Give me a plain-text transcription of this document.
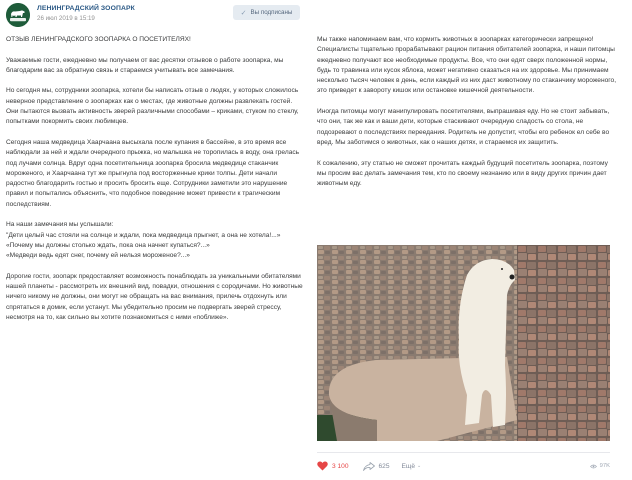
ЛЕНИНГРАДСКИЙ ЗООПАРК
26 июл 2019 в 15:19
✓ Вы подписаны

ОТЗЫВ ЛЕНИНГРАДСКОГО ЗООПАРКА О ПОСЕТИТЕЛЯХ!

Уважаемые гости, ежедневно мы получаем от вас десятки отзывов о работе зоопарка, мы благодарим вас за обратную связь и стараемся учитывать все замечания.

Но сегодня мы, сотрудники зоопарка, хотели бы написать отзыв о людях, у которых сложилось неверное представление о зоопарках как о местах, где животные должны развлекать гостей. Они пытаются вызвать активность зверей различными способами – криками, стуком по стеклу, попытками покормить своих любимцев.

Сегодня наша медведица Хаарчаана высыхала после купания в бассейне, в это время все наблюдали за ней и ждали очередного прыжка, но малышка не торопилась в воду, она грелась под лучами солнца. Вдруг одна посетительница зоопарка бросила медведице стаканчик мороженого, и Хаарчаана тут же прыгнула под восторженные крики толпы. Дети начали радостно благодарить гостью и просить бросить еще. Сотрудники заметили это нарушение правил и попытались объяснить, что подобное поведение может привести к трагическим последствиям.

На наши замечания мы услышали:

"Дети целый час стояли на солнце и ждали, пока медведица прыгнет, а она не хотела!...»

«Почему мы должны столько ждать, пока она начнет купаться?...»

«Медведи ведь едят снег, почему ей нельзя мороженое?...»

Дорогие гости, зоопарк предоставляет возможность понаблюдать за уникальными обитателями нашей планеты - рассмотреть их внешний вид, повадки, отношения с сородичами. Но животные ничего никому не должны, они могут не обращать на вас внимания, прилечь отдохнуть или спрятаться в домик, если устанут. Мы убедительно просим не подвергать зверей стрессу, несмотря на то, как сильно вы хотите познакомиться с ними «поближе».

Мы также напоминаем вам, что кормить животных в зоопарках категорически запрещено!

Специалисты тщательно прорабатывают рацион питания обитателей зоопарка, и наши питомцы ежедневно получают все необходимые продукты. Все, что они едят сверх положенной нормы, будь то травинка или кусок яблока, может негативно сказаться на их здоровье. Мы принимаем несколько тысяч человек в день, если каждый из них даст животному по стаканчику мороженого, это приведет к завороту кишок или остановке кишечной деятельности.

Иногда питомцы могут манипулировать посетителями, выпрашивая еду. Но не стоит забывать, что они, так же как и ваши дети, которые стаскивают очередную сладость со стола, не подозревают о последствиях переедания. Родитель не допустит, чтобы его ребенок ел себе во вред. Мы заботимся о животных, как о наших детях, и стараемся их защитить.

К сожалению, эту статью не сможет прочитать каждый будущий посетитель зоопарка, поэтому мы просим вас делать замечания тем, кто по своему незнанию или в виду других причин дает животным еду.

3 100	625 Ещё ⌄	97K
